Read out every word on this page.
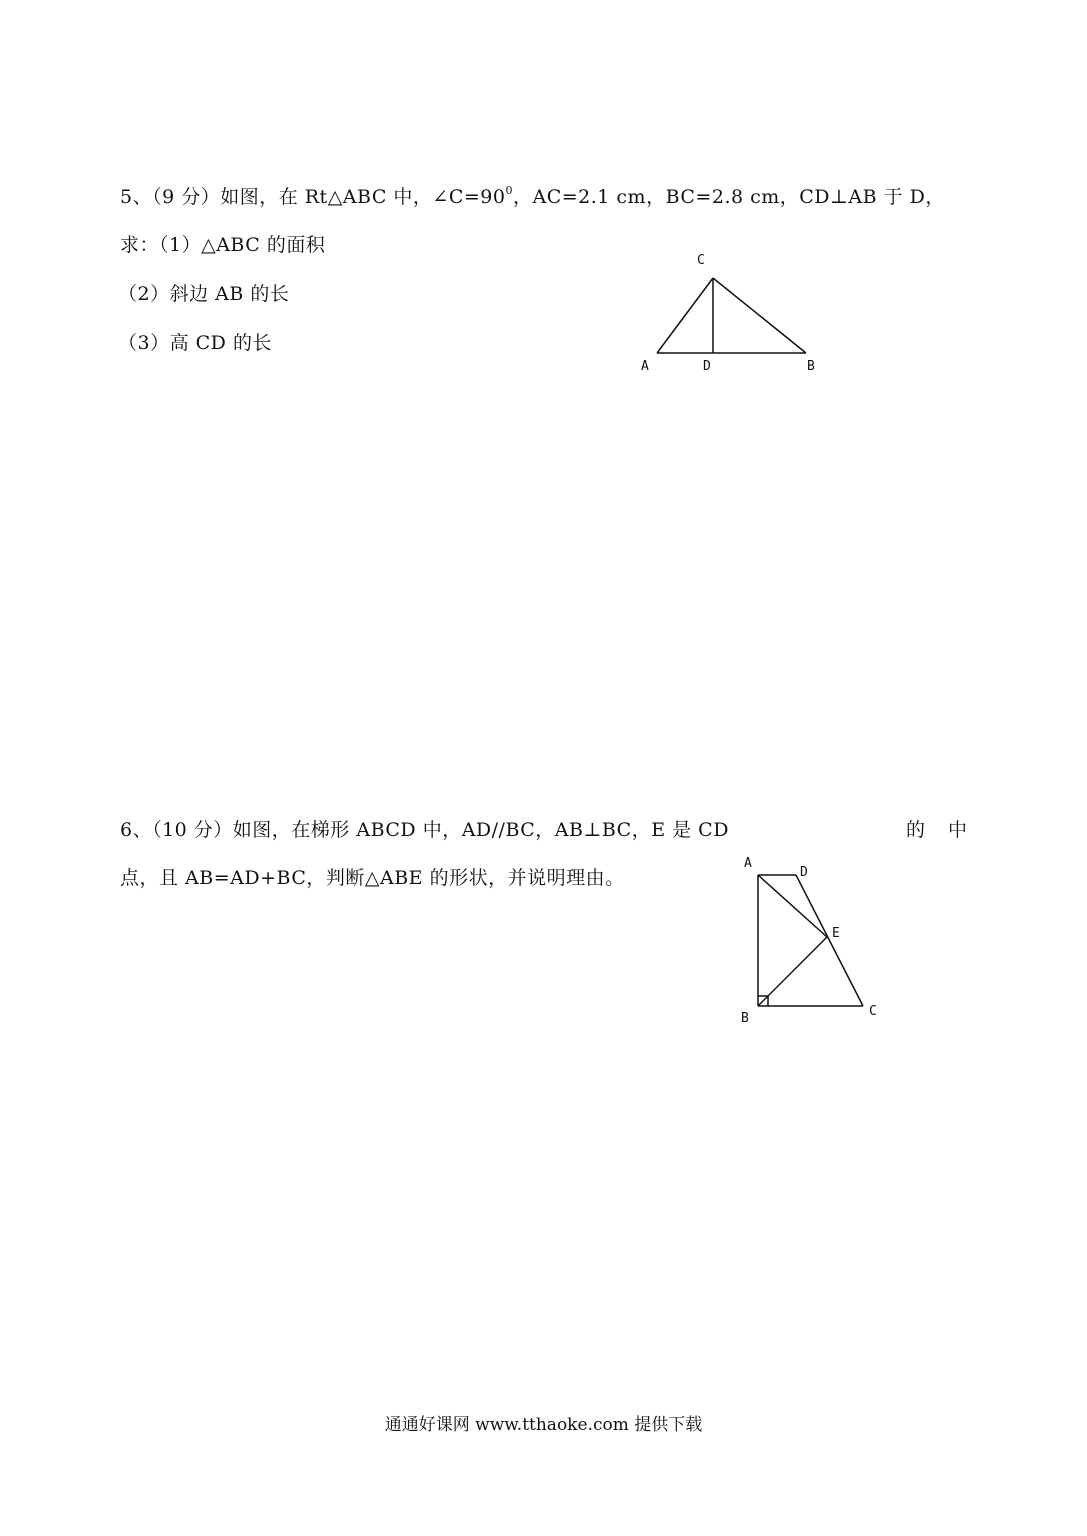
5、（9 分）如图，在 Rt△ABC 中，$\angle C=90^0$，AC=2.1 cm，BC=2.8 cm，CD⊥AB 于 D，
求：（1）△ABC 的面积
（2）斜边 AB 的长
（3）高 CD 的长
C
A	D	B
6、（10 分）如图，在梯形 ABCD 中，AD//BC，AB⊥BC，E 是 CD	的 中
点，且 AB=AD+BC，判断△ABE 的形状，并说明理由。
A
D
E
B	C
通通好课网 www.tthaoke.com 提供下载
